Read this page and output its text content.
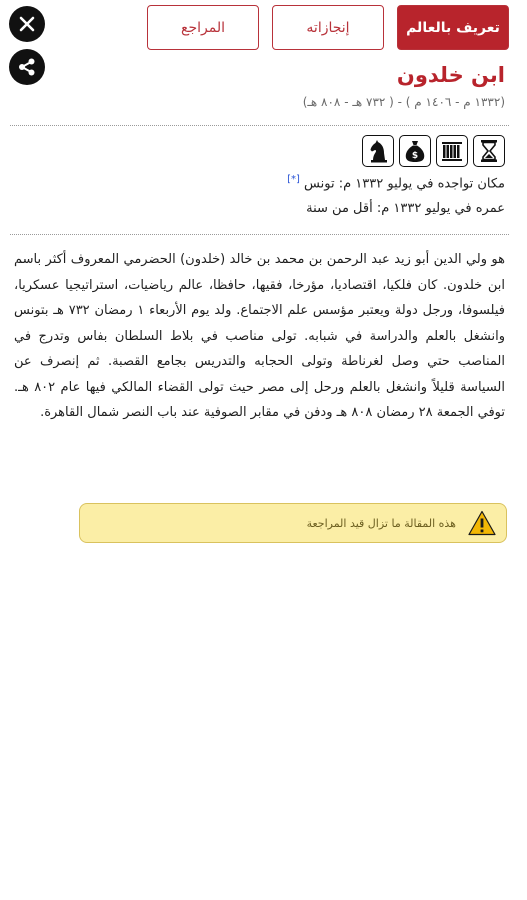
تعريف بالعالم
إنجازاته
المراجع
ابن خلدون
(١٣٣٢ م - ١٤٠٦ م ) - ( ٧٣٢ هـ - ٨٠٨ هـ)
$
مكان تواجده في يوليو ١٣٣٢ م: تونس [*]
عمره في يوليو ١٣٣٢ م: أقل من سنة
هو ولي الدين أبو زيد عبد الرحمن بن محمد بن خالد (خلدون) الحضرمي المعروف أكثر باسم ابن خلدون. كان فلكيا، اقتصاديا، مؤرخا، فقيها، حافظا، عالم رياضيات، استراتيجيا عسكريا، فيلسوفا، ورجل دولة ويعتبر مؤسس علم الاجتماع. ولد يوم الأربعاء ١ رمضان ٧٣٢ هـ بتونس وانشغل بالعلم والدراسة في شبابه. تولى مناصب في بلاط السلطان بفاس وتدرج في المناصب حتي وصل لغرناطة وتولى الحجابه والتدريس بجامع القصبة. ثم إنصرف عن السياسة قليلاً وانشغل بالعلم ورحل إلى مصر حيث تولى القضاء المالكي فيها عام ٨٠٢ هـ. توفي الجمعة ٢٨ رمضان ٨٠٨ هـ ودفن في مقابر الصوفية عند باب النصر شمال القاهرة.
هذه المقالة ما تزال قيد المراجعة
